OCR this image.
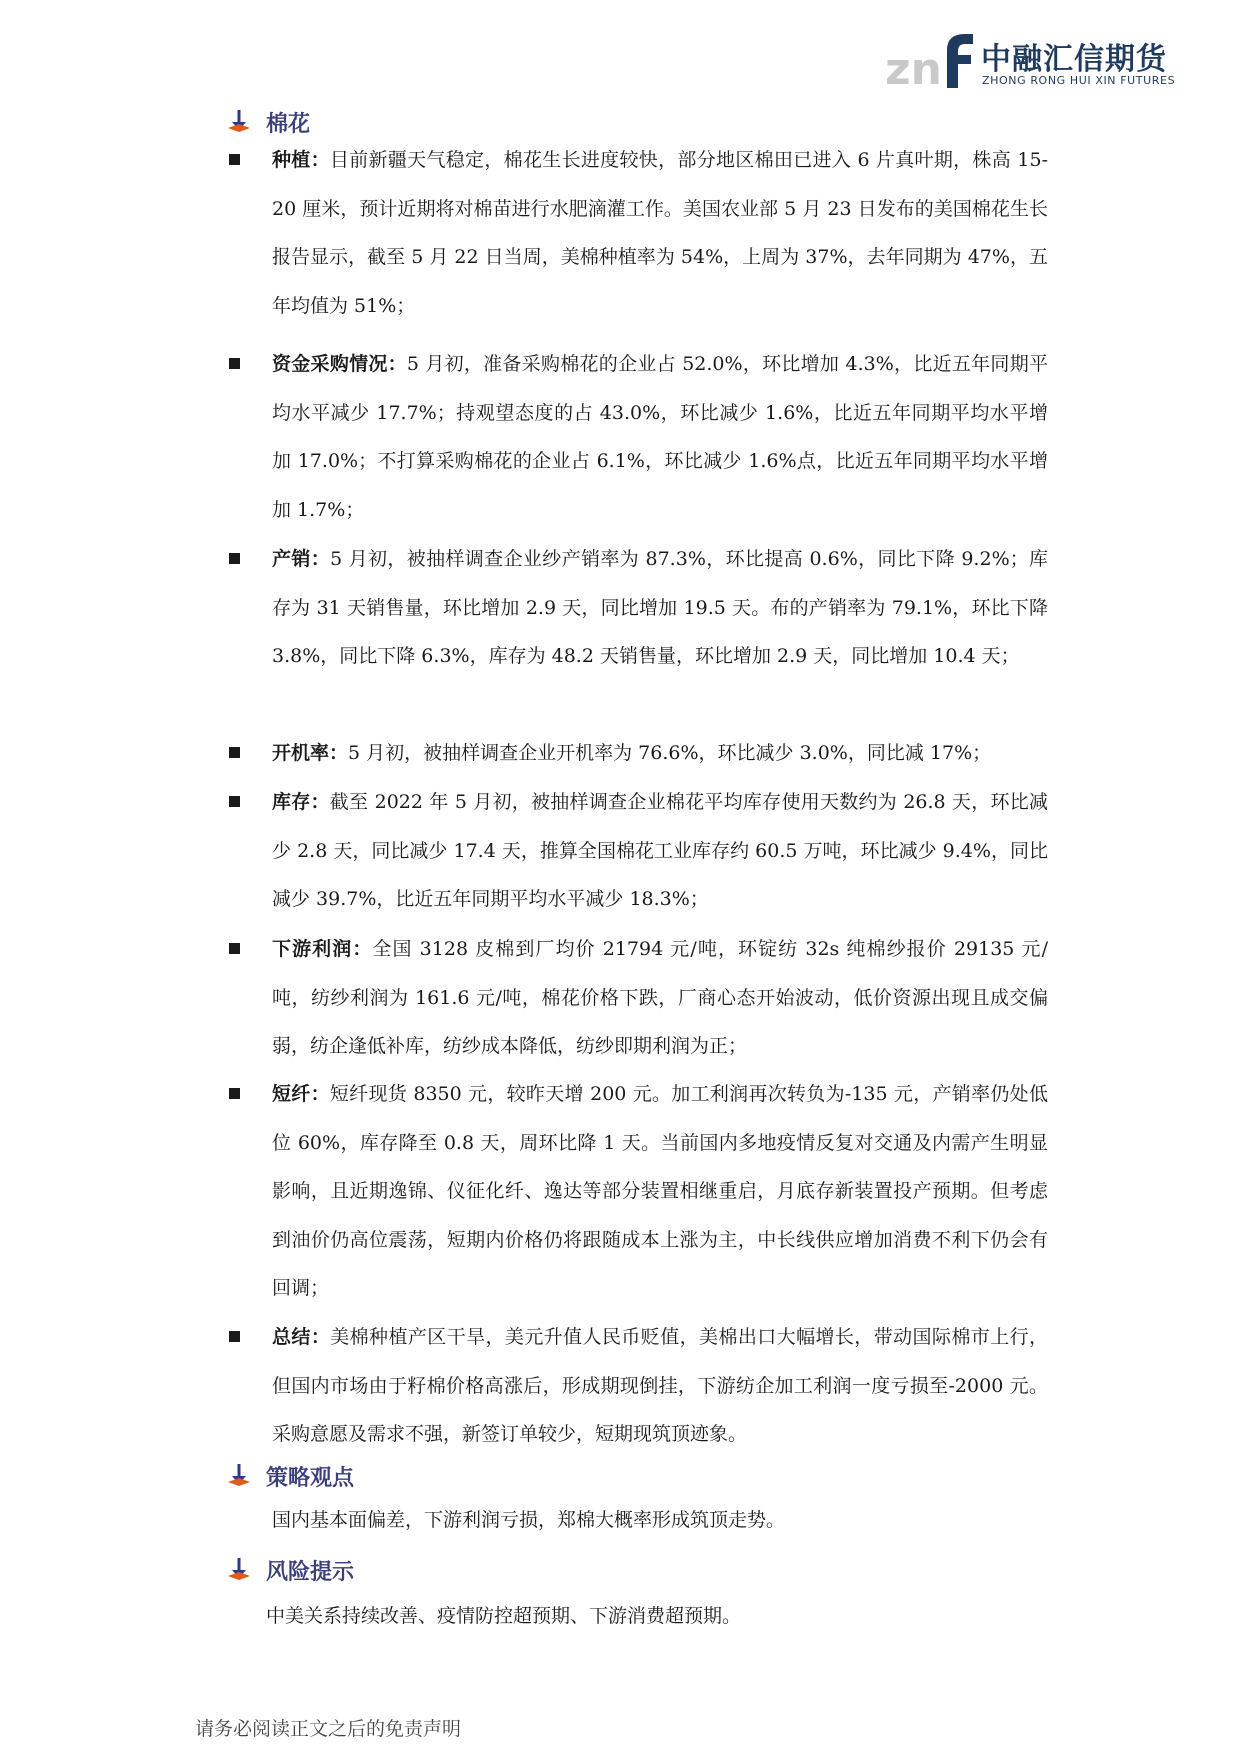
zn 中融汇信期货
ZHONG RONG HUI XIN FUTURES
棉花
种植：目前新疆天气稳定，棉花生长进度较快，部分地区棉田已进入 6 片真叶期，株高 15-20 厘米，预计近期将对棉苗进行水肥滴灌工作。美国农业部 5 月 23 日发布的美国棉花生长报告显示，截至 5 月 22 日当周，美棉种植率为 54%，上周为 37%，去年同期为 47%，五年均值为 51%；
资金采购情况：5 月初，准备采购棉花的企业占 52.0%，环比增加 4.3%，比近五年同期平均水平减少 17.7%；持观望态度的占 43.0%，环比减少 1.6%，比近五年同期平均水平增加 17.0%；不打算采购棉花的企业占 6.1%，环比减少 1.6%点，比近五年同期平均水平增加 1.7%；
产销：5 月初，被抽样调查企业纱产销率为 87.3%，环比提高 0.6%，同比下降 9.2%；库存为 31 天销售量，环比增加 2.9 天，同比增加 19.5 天。布的产销率为 79.1%，环比下降 3.8%，同比下降 6.3%，库存为 48.2 天销售量，环比增加 2.9 天，同比增加 10.4 天；
开机率：5 月初，被抽样调查企业开机率为 76.6%，环比减少 3.0%，同比减 17%；
库存：截至 2022 年 5 月初，被抽样调查企业棉花平均库存使用天数约为 26.8 天，环比减少 2.8 天，同比减少 17.4 天，推算全国棉花工业库存约 60.5 万吨，环比减少 9.4%，同比减少 39.7%，比近五年同期平均水平减少 18.3%；
下游利润：全国 3128 皮棉到厂均价 21794 元/吨，环锭纺 32s 纯棉纱报价 29135 元/吨，纺纱利润为 161.6 元/吨，棉花价格下跌，厂商心态开始波动，低价资源出现且成交偏弱，纺企逢低补库，纺纱成本降低，纺纱即期利润为正；
短纤：短纤现货 8350 元，较昨天增 200 元。加工利润再次转负为-135 元，产销率仍处低位 60%，库存降至 0.8 天，周环比降 1 天。当前国内多地疫情反复对交通及内需产生明显影响，且近期逸锦、仪征化纤、逸达等部分装置相继重启，月底存新装置投产预期。但考虑到油价仍高位震荡，短期内价格仍将跟随成本上涨为主，中长线供应增加消费不利下仍会有回调；
总结：美棉种植产区干旱，美元升值人民币贬值，美棉出口大幅增长，带动国际棉市上行，但国内市场由于籽棉价格高涨后，形成期现倒挂，下游纺企加工利润一度亏损至-2000 元。采购意愿及需求不强，新签订单较少，短期现筑顶迹象。
策略观点
国内基本面偏差，下游利润亏损，郑棉大概率形成筑顶走势。
风险提示
中美关系持续改善、疫情防控超预期、下游消费超预期。
请务必阅读正文之后的免责声明
